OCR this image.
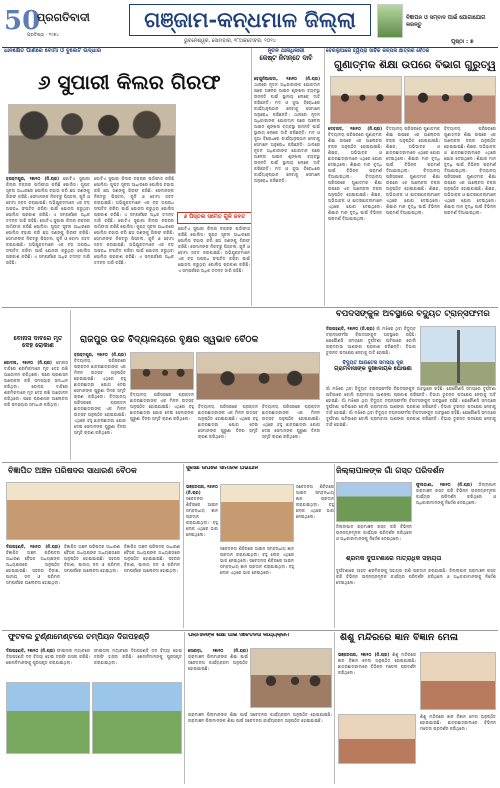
50
ପ୍ରଗତିବାଦୀ
ପ୍ରତିଷ୍ଠା - ୧୯୭୪
ଗଞ୍ଜାମ-କନ୍ଧମାଳ ଜିଲ୍ଲା
ଭୁବନେଶ୍ୱର, ସୋମବାର, ୨୮ଅକ୍ଟୋବର, ୨୦୨୪
ବିଜ୍ଞାପନ ଓ ସମ୍ବାଦ ପାଇଁ ଯୋଗାଯୋଗ କରନ୍ତୁ
ପୃଷ୍ଠା : ୭
ଧାନକ୍ଷେତ ପାଣିରେ ବୋମା ଓ ବୁଲେଟ ଉଦ୍ଧାର
୬ ସୁପାରୀ କିଲର ଗିରଫ
୬ ପିସ୍ତଲ ସମେତ ଗୁଳି ଜବତ

ବ୍ରହ୍ମପୁର, ୨୭ା୧୦ (ନି.ପ୍ର) ଗୋଟିଏ ସୁପାରୀ କିଲର ଚକ୍ରର ପର୍ଦ୍ଦାଫାସ କରିଛି ପୋଲିସ। ଗୁପ୍ତ ସୂଚନା ଆଧାରରେ ପୋଲିସ ଚଢାଉ କରି ଛଅ ଜଣଙ୍କୁ ଗିରଫ କରିଛି। ସେମାନଙ୍କ ନିକଟରୁ ପିସ୍ତଲ, ଗୁଳି ଓ ବୋମା ଜବତ କରାଯାଇଛି। ଅଭିଯୁକ୍ତମାନେ ଏକ ବଡ଼ ଅପରାଧ ସଂଘଟିତ କରିବା ପାଇଁ ଯୋଜନା କରୁଥିବା ପୋଲିସ ପ୍ରକାଶ କରିଛି। ଏ ସମ୍ପର୍କରେ ଅଧିକ ତଦନ୍ତ ଜାରି ରହିଛି। ଗୋଟିଏ ସୁପାରୀ କିଲର ଚକ୍ରର ପର୍ଦ୍ଦାଫାସ କରିଛି ପୋଲିସ। ଗୁପ୍ତ ସୂଚନା ଆଧାରରେ ପୋଲିସ ଚଢାଉ କରି ଛଅ ଜଣଙ୍କୁ ଗିରଫ କରିଛି। ସେମାନଙ୍କ ନିକଟରୁ ପିସ୍ତଲ, ଗୁଳି ଓ ବୋମା ଜବତ କରାଯାଇଛି। ଅଭିଯୁକ୍ତମାନେ ଏକ ବଡ଼ ଅପରାଧ ସଂଘଟିତ କରିବା ପାଇଁ ଯୋଜନା କରୁଥିବା ପୋଲିସ ପ୍ରକାଶ କରିଛି। ଏ ସମ୍ପର୍କରେ ଅଧିକ ତଦନ୍ତ ଜାରି ରହିଛି।

ଗୋଟିଏ ସୁପାରୀ କିଲର ଚକ୍ରର ପର୍ଦ୍ଦାଫାସ କରିଛି ପୋଲିସ। ଗୁପ୍ତ ସୂଚନା ଆଧାରରେ ପୋଲିସ ଚଢାଉ କରି ଛଅ ଜଣଙ୍କୁ ଗିରଫ କରିଛି। ସେମାନଙ୍କ ନିକଟରୁ ପିସ୍ତଲ, ଗୁଳି ଓ ବୋମା ଜବତ କରାଯାଇଛି। ଅଭିଯୁକ୍ତମାନେ ଏକ ବଡ଼ ଅପରାଧ ସଂଘଟିତ କରିବା ପାଇଁ ଯୋଜନା କରୁଥିବା ପୋଲିସ ପ୍ରକାଶ କରିଛି। ଏ ସମ୍ପର୍କରେ ଅଧିକ ତଦନ୍ତ ଜାରି ରହିଛି। ଗୋଟିଏ ସୁପାରୀ କିଲର ଚକ୍ରର ପର୍ଦ୍ଦାଫାସ କରିଛି ପୋଲିସ। ଗୁପ୍ତ ସୂଚନା ଆଧାରରେ ପୋଲିସ ଚଢାଉ କରି ଛଅ ଜଣଙ୍କୁ ଗିରଫ କରିଛି। ସେମାନଙ୍କ ନିକଟରୁ ପିସ୍ତଲ, ଗୁଳି ଓ ବୋମା ଜବତ କରାଯାଇଛି। ଅଭିଯୁକ୍ତମାନେ ଏକ ବଡ଼ ଅପରାଧ ସଂଘଟିତ କରିବା ପାଇଁ ଯୋଜନା କରୁଥିବା ପୋଲିସ ପ୍ରକାଶ କରିଛି। ଏ ସମ୍ପର୍କରେ ଅଧିକ ତଦନ୍ତ ଜାରି ରହିଛି।

ଗୋଟିଏ ସୁପାରୀ କିଲର ଚକ୍ରର ପର୍ଦ୍ଦାଫାସ କରିଛି ପୋଲିସ। ଗୁପ୍ତ ସୂଚନା ଆଧାରରେ ପୋଲିସ ଚଢାଉ କରି ଛଅ ଜଣଙ୍କୁ ଗିରଫ କରିଛି। ସେମାନଙ୍କ ନିକଟରୁ ପିସ୍ତଲ, ଗୁଳି ଓ ବୋମା ଜବତ କରାଯାଇଛି। ଅଭିଯୁକ୍ତମାନେ ଏକ ବଡ଼ ଅପରାଧ ସଂଘଟିତ କରିବା ପାଇଁ ଯୋଜନା କରୁଥିବା ପୋଲିସ ପ୍ରକାଶ କରିଛି। ଏ ସମ୍ପର୍କରେ ଅଧିକ ତଦନ୍ତ ଜାରି ରହିଛି।

ନୂତନ ଥାନାଧିକାରୀ
କେଷ୍ଟ ନିମନ୍ତେ ଦାବି

ବେଗୁନିଆପଡା, ୨୭ା୧୦ (ନି.ପ୍ର) ଥାନାରେ ନୂତନ ଅଧିକାରୀଙ୍କ ଯୋଗଦାନ ପରେ ଅଞ୍ଚଳର ଆଇନ ଶୃଙ୍ଖଳା ବ୍ୟବସ୍ଥା ଉନ୍ନତି ପାଇଁ ସ୍ଥାନୀୟ ଲୋକେ ଦାବି କରିଛନ୍ତି। ମଦ ଓ ଜୁଆ ବିରୋଧରେ କାର୍ଯ୍ୟାନୁଷ୍ଠାନ ନେବାକୁ ସେମାନେ ଅନୁରୋଧ କରିଛନ୍ତି। ଥାନାରେ ନୂତନ ଅଧିକାରୀଙ୍କ ଯୋଗଦାନ ପରେ ଅଞ୍ଚଳର ଆଇନ ଶୃଙ୍ଖଳା ବ୍ୟବସ୍ଥା ଉନ୍ନତି ପାଇଁ ସ୍ଥାନୀୟ ଲୋକେ ଦାବି କରିଛନ୍ତି। ମଦ ଓ ଜୁଆ ବିରୋଧରେ କାର୍ଯ୍ୟାନୁଷ୍ଠାନ ନେବାକୁ ସେମାନେ ଅନୁରୋଧ କରିଛନ୍ତି। ଥାନାରେ ନୂତନ ଅଧିକାରୀଙ୍କ ଯୋଗଦାନ ପରେ ଅଞ୍ଚଳର ଆଇନ ଶୃଙ୍ଖଳା ବ୍ୟବସ୍ଥା ଉନ୍ନତି ପାଇଁ ସ୍ଥାନୀୟ ଲୋକେ ଦାବି କରିଛନ୍ତି। ମଦ ଓ ଜୁଆ ବିରୋଧରେ କାର୍ଯ୍ୟାନୁଷ୍ଠାନ ନେବାକୁ ସେମାନେ ଅନୁରୋଧ କରିଛନ୍ତି।

ବେରଲୁଆରେ ହ୍ୱିପ୍ରା ସାର୍ବିକ କଳ୍ପନା ଛାତ୍ରର ବୈଠକ
ଗୁଣାତ୍ମକ ଶିକ୍ଷା ଉପରେ ବିଭାଗ ଗୁରୁତ୍ୱ

ଦେବଗଡ, ୨୭ା୧୦ (ନି.ପ୍ର) ବିଦ୍ୟାଳୟ ପରିସରରେ ଗୁଣାତ୍ମକ ଶିକ୍ଷା ଉପରେ ଏକ ଆଲୋଚନା ଚକ୍ର ଅନୁଷ୍ଠିତ ହୋଇଯାଇଛି। ଶିକ୍ଷକ, ଅଭିଭାବକ ଓ ଛାତ୍ରଛାତ୍ରୀମାନେ ଏଥିରେ ଯୋଗ ଦେଇଥିଲେ। ଶିକ୍ଷାର ମାନ ବୃଦ୍ଧି ପାଇଁ ବିଭିନ୍ନ ପରାମର୍ଶ ଦିଆଯାଇଥିଲା।	ବିଦ୍ୟାଳୟ ପରିସରରେ ଗୁଣାତ୍ମକ ଶିକ୍ଷା ଉପରେ ଏକ ଆଲୋଚନା ଚକ୍ର ଅନୁଷ୍ଠିତ ହୋଇଯାଇଛି। ଶିକ୍ଷକ, ଅଭିଭାବକ ଓ ଛାତ୍ରଛାତ୍ରୀମାନେ ଏଥିରେ ଯୋଗ ଦେଇଥିଲେ। ଶିକ୍ଷାର ମାନ ବୃଦ୍ଧି ପାଇଁ ବିଭିନ୍ନ ପରାମର୍ଶ ଦିଆଯାଇଥିଲା।

ବିଦ୍ୟାଳୟ ପରିସରରେ ଗୁଣାତ୍ମକ ଶିକ୍ଷା ଉପରେ ଏକ ଆଲୋଚନା ଚକ୍ର ଅନୁଷ୍ଠିତ ହୋଇଯାଇଛି। ଶିକ୍ଷକ, ଅଭିଭାବକ ଓ ଛାତ୍ରଛାତ୍ରୀମାନେ ଏଥିରେ ଯୋଗ ଦେଇଥିଲେ। ଶିକ୍ଷାର ମାନ ବୃଦ୍ଧି ପାଇଁ ବିଭିନ୍ନ ପରାମର୍ଶ ଦିଆଯାଇଥିଲା।	ବିଦ୍ୟାଳୟ ପରିସରରେ ଗୁଣାତ୍ମକ ଶିକ୍ଷା ଉପରେ ଏକ ଆଲୋଚନା ଚକ୍ର ଅନୁଷ୍ଠିତ ହୋଇଯାଇଛି। ଶିକ୍ଷକ, ଅଭିଭାବକ ଓ ଛାତ୍ରଛାତ୍ରୀମାନେ ଏଥିରେ ଯୋଗ ଦେଇଥିଲେ। ଶିକ୍ଷାର ମାନ ବୃଦ୍ଧି ପାଇଁ ବିଭିନ୍ନ ପରାମର୍ଶ ଦିଆଯାଇଥିଲା।

ବିଦ୍ୟାଳୟ ପରିସରରେ ଗୁଣାତ୍ମକ ଶିକ୍ଷା ଉପରେ ଏକ ଆଲୋଚନା ଚକ୍ର ଅନୁଷ୍ଠିତ ହୋଇଯାଇଛି। ଶିକ୍ଷକ, ଅଭିଭାବକ ଓ ଛାତ୍ରଛାତ୍ରୀମାନେ ଏଥିରେ ଯୋଗ ଦେଇଥିଲେ। ଶିକ୍ଷାର ମାନ ବୃଦ୍ଧି ପାଇଁ ବିଭିନ୍ନ ପରାମର୍ଶ ଦିଆଯାଇଥିଲା।	ବିଦ୍ୟାଳୟ ପରିସରରେ ଗୁଣାତ୍ମକ ଶିକ୍ଷା ଉପରେ ଏକ ଆଲୋଚନା ଚକ୍ର ଅନୁଷ୍ଠିତ ହୋଇଯାଇଛି। ଶିକ୍ଷକ, ଅଭିଭାବକ ଓ ଛାତ୍ରଛାତ୍ରୀମାନେ ଏଥିରେ ଯୋଗ ଦେଇଥିଲେ। ଶିକ୍ଷାର ମାନ ବୃଦ୍ଧି ପାଇଁ ବିଭିନ୍ନ ପରାମର୍ଶ ଦିଆଯାଇଥିଲା।

ବିପଦସଙ୍କୁଳ ଅବସ୍ଥାରେ ବିଦ୍ୟୁତ ଟ୍ରାନ୍ସଫର୍ମର

ଦିଗପହଣ୍ଡି, ୨୭ା୧୦ (ନି.ପ୍ର) ଗାଁ ମଝିରେ ଥିବା ବିଦ୍ୟୁତ ଟ୍ରାନ୍ସଫର୍ମର ବିପଦସଙ୍କୁଳ ଅବସ୍ଥାରେ ରହିଛି। ଯେକୌଣସି ସମୟରେ ଦୁର୍ଘଟଣା ଘଟିପାରେ ବୋଲି ଗ୍ରାମବାସୀ ଆଶଙ୍କା ପ୍ରକାଶ କରିଛନ୍ତି। ବିଭାଗ ତୁରନ୍ତ ପଦକ୍ଷେପ ନେବାକୁ ଦାବି ହୋଇଛି।

ବିଦ୍ୟୁତ ଆଉଟେଜ ସମସ୍ୟା ଦୂର
ଗ୍ରାମବାସୀଙ୍କ ଦୁଃଖଦାୟକ ଘୋଷଣା

ଗାଁ ମଝିରେ ଥିବା ବିଦ୍ୟୁତ ଟ୍ରାନ୍ସଫର୍ମର ବିପଦସଙ୍କୁଳ ଅବସ୍ଥାରେ ରହିଛି। ଯେକୌଣସି ସମୟରେ ଦୁର୍ଘଟଣା ଘଟିପାରେ ବୋଲି ଗ୍ରାମବାସୀ ଆଶଙ୍କା ପ୍ରକାଶ କରିଛନ୍ତି। ବିଭାଗ ତୁରନ୍ତ ପଦକ୍ଷେପ ନେବାକୁ ଦାବି ହୋଇଛି। ଗାଁ ମଝିରେ ଥିବା ବିଦ୍ୟୁତ ଟ୍ରାନ୍ସଫର୍ମର ବିପଦସଙ୍କୁଳ ଅବସ୍ଥାରେ ରହିଛି। ଯେକୌଣସି ସମୟରେ ଦୁର୍ଘଟଣା ଘଟିପାରେ ବୋଲି ଗ୍ରାମବାସୀ ଆଶଙ୍କା ପ୍ରକାଶ କରିଛନ୍ତି। ବିଭାଗ ତୁରନ୍ତ ପଦକ୍ଷେପ ନେବାକୁ ଦାବି ହୋଇଛି। ଗାଁ ମଝିରେ ଥିବା ବିଦ୍ୟୁତ ଟ୍ରାନ୍ସଫର୍ମର ବିପଦସଙ୍କୁଳ ଅବସ୍ଥାରେ ରହିଛି। ଯେକୌଣସି ସମୟରେ ଦୁର୍ଘଟଣା ଘଟିପାରେ ବୋଲି ଗ୍ରାମବାସୀ ଆଶଙ୍କା ପ୍ରକାଶ କରିଛନ୍ତି। ବିଭାଗ ତୁରନ୍ତ ପଦକ୍ଷେପ ନେବାକୁ ଦାବି ହୋଇଛି।

ବୋନାସ ଦାବିରେ ମୃତ ଦେହ ରୋକାଣ

କୋଦଳା, ୨୭ା୧୦ (ନି.ପ୍ର) ବୋନାସ ଦାବିରେ ଶ୍ରମିକମାନେ ମୃତ ଦେହ ରଖି ଆନ୍ଦୋଳନ କରିଥିଲେ। ପରେ ପ୍ରଶାସନ ଆଲୋଚନା କରି ସମସ୍ୟାର ସମାଧାନ କରିଥିଲା।	ବୋନାସ ଦାବିରେ ଶ୍ରମିକମାନେ ମୃତ ଦେହ ରଖି ଆନ୍ଦୋଳନ କରିଥିଲେ। ପରେ ପ୍ରଶାସନ ଆଲୋଚନା କରି ସମସ୍ୟାର ସମାଧାନ କରିଥିଲା।

ରାଜପୁର ଉଚ୍ଚ ବିଦ୍ୟାଳୟରେ ବୃକ୍ଷର ସ୍ୱଭାବ ବୈଠକ

ବ୍ରହ୍ମପୁର, ୨୭ା୧୦ (ନି.ପ୍ର) ବିଦ୍ୟାଳୟ ପରିସରରେ ପ୍ରାକ୍ତନ ଛାତ୍ରଛାତ୍ରୀଙ୍କ ଏକ ମିଳନ ଉତ୍ସବ ଅନୁଷ୍ଠିତ ହୋଇଯାଇଛି। ଏଥିରେ ବହୁ ଛାତ୍ରଛାତ୍ରୀ ଯୋଗ ଦେଇ ସେମାନଙ୍କ ପୁରୁଣା ଦିନର ସ୍ମୃତି ଚାରଣ କରିଥିଲେ। ବିଦ୍ୟାଳୟ ପରିସରରେ ପ୍ରାକ୍ତନ ଛାତ୍ରଛାତ୍ରୀଙ୍କ ଏକ ମିଳନ ଉତ୍ସବ ଅନୁଷ୍ଠିତ ହୋଇଯାଇଛି। ଏଥିରେ ବହୁ ଛାତ୍ରଛାତ୍ରୀ ଯୋଗ ଦେଇ ସେମାନଙ୍କ ପୁରୁଣା ଦିନର ସ୍ମୃତି ଚାରଣ କରିଥିଲେ।

ବିଦ୍ୟାଳୟ ପରିସରରେ ପ୍ରାକ୍ତନ ଛାତ୍ରଛାତ୍ରୀଙ୍କ ଏକ ମିଳନ ଉତ୍ସବ ଅନୁଷ୍ଠିତ ହୋଇଯାଇଛି। ଏଥିରେ ବହୁ ଛାତ୍ରଛାତ୍ରୀ ଯୋଗ ଦେଇ ସେମାନଙ୍କ ପୁରୁଣା ଦିନର ସ୍ମୃତି ଚାରଣ କରିଥିଲେ।

ବିଦ୍ୟାଳୟ ପରିସରରେ ପ୍ରାକ୍ତନ ଛାତ୍ରଛାତ୍ରୀଙ୍କ ଏକ ମିଳନ ଉତ୍ସବ ଅନୁଷ୍ଠିତ ହୋଇଯାଇଛି। ଏଥିରେ ବହୁ ଛାତ୍ରଛାତ୍ରୀ ଯୋଗ ଦେଇ ସେମାନଙ୍କ ପୁରୁଣା ଦିନର ସ୍ମୃତି ଚାରଣ କରିଥିଲେ।

ବିଦ୍ୟାଳୟ ପରିସରରେ ପ୍ରାକ୍ତନ ଛାତ୍ରଛାତ୍ରୀଙ୍କ ଏକ ମିଳନ ଉତ୍ସବ ଅନୁଷ୍ଠିତ ହୋଇଯାଇଛି। ଏଥିରେ ବହୁ ଛାତ୍ରଛାତ୍ରୀ ଯୋଗ ଦେଇ ସେମାନଙ୍କ ପୁରୁଣା ଦିନର ସ୍ମୃତି ଚାରଣ କରିଥିଲେ।

ବିଜ୍ଞାପିତ ଅଞ୍ଚଳ ପରିଷଦର ସାଧାରଣ ବୈଠକ

ଦିଗପହଣ୍ଡି, ୨୭ା୧୦ (ନି.ପ୍ର) ବିଜ୍ଞାପିତ ଅଞ୍ଚଳ ପରିଷଦର ସାଧାରଣ ବୈଠକ ଅଧ୍ୟକ୍ଷଙ୍କ ଅଧ୍ୟକ୍ଷତାରେ ଅନୁଷ୍ଠିତ ହୋଇଯାଇଛି। ସହରର ବିକାଶ, ପାନୀୟ ଜଳ ଓ ପରିମଳ ସମ୍ପର୍କରେ ଆଲୋଚନା ହୋଇଥିଲା।

ବିଜ୍ଞାପିତ ଅଞ୍ଚଳ ପରିଷଦର ସାଧାରଣ ବୈଠକ ଅଧ୍ୟକ୍ଷଙ୍କ ଅଧ୍ୟକ୍ଷତାରେ ଅନୁଷ୍ଠିତ ହୋଇଯାଇଛି। ସହରର ବିକାଶ, ପାନୀୟ ଜଳ ଓ ପରିମଳ ସମ୍ପର୍କରେ ଆଲୋଚନା ହୋଇଥିଲା।

ବିଜ୍ଞାପିତ ଅଞ୍ଚଳ ପରିଷଦର ସାଧାରଣ ବୈଠକ ଅଧ୍ୟକ୍ଷଙ୍କ ଅଧ୍ୟକ୍ଷତାରେ ଅନୁଷ୍ଠିତ ହୋଇଯାଇଛି। ସହରର ବିକାଶ, ପାନୀୟ ଜଳ ଓ ପରିମଳ ସମ୍ପର୍କରେ ଆଲୋଚନା ହୋଇଥିଲା।

ସୁରକ୍ଷା ଉପରେ ସାମାଜିକ ଅଭିଯାନ

ଭଞ୍ଜନଗର, ୨୭ା୧୦ (ନି.ପ୍ର) ସଚେତନତା ଶିବିରରେ ଆଇନ ସମ୍ବନ୍ଧୀୟ ଜ୍ଞାନ ପ୍ରଦାନ କରାଯାଇଥିଲା। ବହୁ ଲୋକ ଏଥିରେ ଭାଗ ନେଇଥିଲେ।

ସଚେତନତା ଶିବିରରେ ଆଇନ ସମ୍ବନ୍ଧୀୟ ଜ୍ଞାନ ପ୍ରଦାନ କରାଯାଇଥିଲା। ବହୁ ଲୋକ ଏଥିରେ ଭାଗ ନେଇଥିଲେ।

ସଚେତନତା ଶିବିରରେ ଆଇନ ସମ୍ବନ୍ଧୀୟ ଜ୍ଞାନ ପ୍ରଦାନ କରାଯାଇଥିଲା। ବହୁ ଲୋକ ଏଥିରେ ଭାଗ ନେଇଥିଲେ। ସଚେତନତା ଶିବିରରେ ଆଇନ ସମ୍ବନ୍ଧୀୟ ଜ୍ଞାନ ପ୍ରଦାନ କରାଯାଇଥିଲା। ବହୁ ଲୋକ ଏଥିରେ ଭାଗ ନେଇଥିଲେ।

ଜିଲ୍ଲାପାଳଙ୍କ ଗାଁ ଗସ୍ତ ପରିଦର୍ଶନ

ଫୁଲବାଣୀ, ୨୭ା୧୦ (ନି.ପ୍ର) ଜିଲ୍ଲାପାଳ ଗ୍ରାମାଞ୍ଚଳ ଗସ୍ତ କରି ବିଭିନ୍ନ ଉନ୍ନୟନମୂଳକ କାର୍ଯ୍ୟର ପରିଦର୍ଶନ କରିଥିଲେ ଓ ଅଧିକାରୀମାନଙ୍କୁ ନିର୍ଦ୍ଦେଶ ଦେଇଥିଲେ।

ଜିଲ୍ଲାପାଳ ଗ୍ରାମାଞ୍ଚଳ ଗସ୍ତ କରି ବିଭିନ୍ନ ଉନ୍ନୟନମୂଳକ କାର୍ଯ୍ୟର ପରିଦର୍ଶନ କରିଥିଲେ ଓ ଅଧିକାରୀମାନଙ୍କୁ ନିର୍ଦ୍ଦେଶ ଦେଇଥିଲେ।

ଶ୍ରମିକ ଦୁର୍ଘଟଣାରେ ମାତ୍ରାଧିକ ସହାୟତା

ଦୁର୍ଘଟଣାରେ ଆହତ ଶ୍ରମିକଙ୍କୁ ସହାୟତା ରାଶି ପ୍ରଦାନ କରାଯାଇଛି। ଜିଲ୍ଲାପାଳ ଗ୍ରାମାଞ୍ଚଳ ଗସ୍ତ କରି ବିଭିନ୍ନ ଉନ୍ନୟନମୂଳକ କାର୍ଯ୍ୟର ପରିଦର୍ଶନ କରିଥିଲେ ଓ ଅଧିକାରୀମାନଙ୍କୁ ନିର୍ଦ୍ଦେଶ ଦେଇଥିଲେ।

ଫୁଟବଲ ଟୁର୍ଣ୍ଣାମେଣ୍ଟରେ ଚମ୍ପିୟନ ଦିଗପହଣ୍ଡି

ଦିଗପହଣ୍ଡି, ୨୭ା୧୦ (ନି.ପ୍ର) ଫାଇନାଲ ମ୍ୟାଚରେ ଦିଗପହଣ୍ଡି ଦଳ ବିଜୟୀ ହୋଇ ଟ୍ରଫି ହାସଲ କରିଛି। ଖେଳାଳିମାନଙ୍କୁ ପୁରସ୍କୃତ କରାଯାଇଥିଲା।

ଫାଇନାଲ ମ୍ୟାଚରେ ଦିଗପହଣ୍ଡି ଦଳ ବିଜୟୀ ହୋଇ ଟ୍ରଫି ହାସଲ କରିଛି। ଖେଳାଳିମାନଙ୍କୁ ପୁରସ୍କୃତ କରାଯାଇଥିଲା।

ପିଲାମାନଙ୍କ ଶିକ୍ଷା ପାଇଁ ସଚେତନତା କାର୍ଯ୍ୟକ୍ରମ

ସୋରଡ଼ା, ୨୭ା୧୦ (ନି.ପ୍ର) ଗ୍ରାମାଞ୍ଚଳ ପିଲାମାନଙ୍କ ଶିକ୍ଷା ପାଇଁ ସଚେତନତା କାର୍ଯ୍ୟକ୍ରମ ଅନୁଷ୍ଠିତ ହୋଇଯାଇଛି।

ଗ୍ରାମାଞ୍ଚଳ ପିଲାମାନଙ୍କ ଶିକ୍ଷା ପାଇଁ ସଚେତନତା କାର୍ଯ୍ୟକ୍ରମ ଅନୁଷ୍ଠିତ ହୋଇଯାଇଛି। ଗ୍ରାମାଞ୍ଚଳ ପିଲାମାନଙ୍କ ଶିକ୍ଷା ପାଇଁ ସଚେତନତା କାର୍ଯ୍ୟକ୍ରମ ଅନୁଷ୍ଠିତ ହୋଇଯାଇଛି।

ଶିଶୁ ମନ୍ଦିରରେ ଜ୍ଞାନ ବିଜ୍ଞାନ ମେଳା

ଭଞ୍ଜନଗର, ୨୭ା୧୦ (ନି.ପ୍ର) ଶିଶୁ ମନ୍ଦିରରେ ଜ୍ଞାନ ବିଜ୍ଞାନ ମେଳା ଅନୁଷ୍ଠିତ ହୋଇଯାଇଛି। ଛାତ୍ରଛାତ୍ରୀମାନେ ବିଭିନ୍ନ ମଡେଲ ପ୍ରଦର୍ଶନ କରିଥିଲେ।

ଶିଶୁ ମନ୍ଦିରରେ ଜ୍ଞାନ ବିଜ୍ଞାନ ମେଳା ଅନୁଷ୍ଠିତ ହୋଇଯାଇଛି। ଛାତ୍ରଛାତ୍ରୀମାନେ ବିଭିନ୍ନ ମଡେଲ ପ୍ରଦର୍ଶନ କରିଥିଲେ।
